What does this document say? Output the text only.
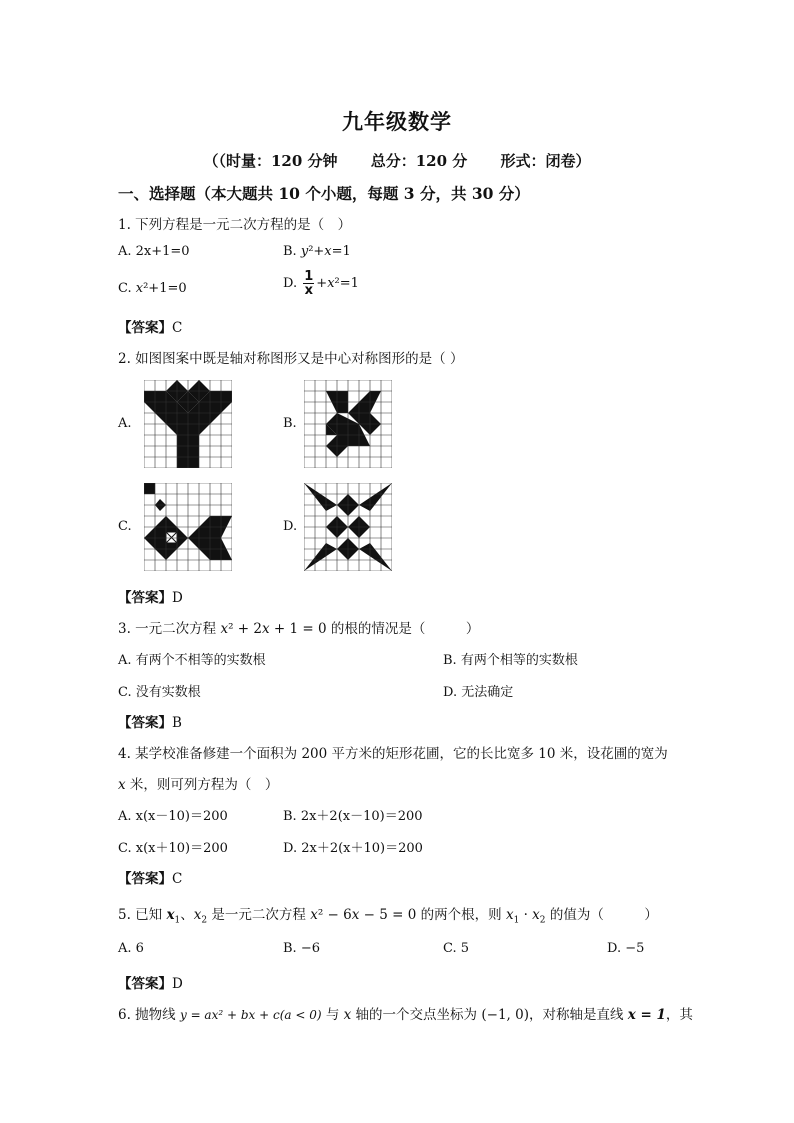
九年级数学
（（时量：120 分钟 总分：120 分 形式：闭卷）
一、选择题（本大题共 10 个小题，每题 3 分，共 30 分）
1. 下列方程是一元二次方程的是（　）
A. 2x+1=0	B. y²+x=1
C. x²+1=0	D. $\frac{1}{x} +x^2=1$
【答案】C
2. 如图图案中既是轴对称图形又是中心对称图形的是（ ）
A.	B.
C.	D.
【答案】D
3. 一元二次方程 x² + 2x + 1 = 0 的根的情况是（　　　）
A. 有两个不相等的实数根	B. 有两个相等的实数根
C. 没有实数根	D. 无法确定
【答案】B
4. 某学校准备修建一个面积为 200 平方米的矩形花圃，它的长比宽多 10 米，设花圃的宽为
x 米，则可列方程为（　）
A. x(x－10)＝200	B. 2x＋2(x－10)＝200
C. x(x＋10)＝200	D. 2x＋2(x＋10)＝200
【答案】C
5. 已知 $x_1$、$x_2$ 是一元二次方程 x² − 6x − 5 = 0 的两个根，则 $x_1 \cdot x_2$ 的值为（　　　）
A. 6	B. −6	C. 5	D. −5
【答案】D
6. 抛物线 y = ax² + bx + c(a < 0) 与 x 轴的一个交点坐标为 (−1, 0)，对称轴是直线 x = 1，其
